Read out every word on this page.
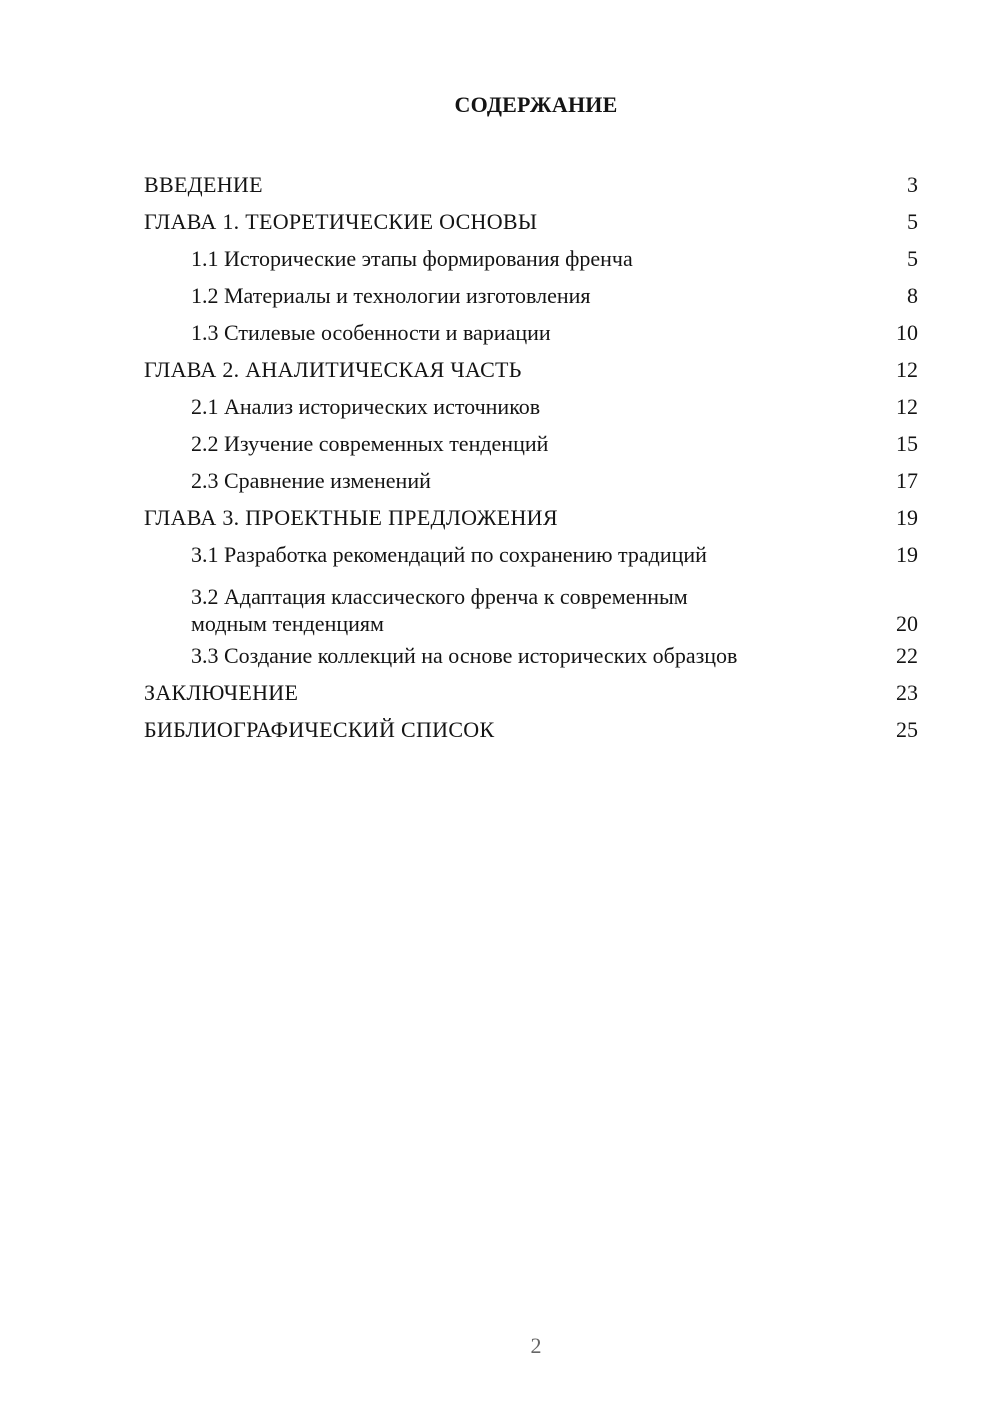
СОДЕРЖАНИЕ
ВВЕДЕНИЕ	3
ГЛАВА 1. ТЕОРЕТИЧЕСКИЕ ОСНОВЫ	5
1.1 Исторические этапы формирования френча	5
1.2 Материалы и технологии изготовления	8
1.3 Стилевые особенности и вариации	10
ГЛАВА 2. АНАЛИТИЧЕСКАЯ ЧАСТЬ	12
2.1 Анализ исторических источников	12
2.2 Изучение современных тенденций	15
2.3 Сравнение изменений	17
ГЛАВА 3. ПРОЕКТНЫЕ ПРЕДЛОЖЕНИЯ	19
3.1 Разработка рекомендаций по сохранению традиций	19
3.2 Адаптация классического френча к современным
модным тенденциям	20
3.3 Создание коллекций на основе исторических образцов	22
ЗАКЛЮЧЕНИЕ	23
БИБЛИОГРАФИЧЕСКИЙ СПИСОК	25
2
